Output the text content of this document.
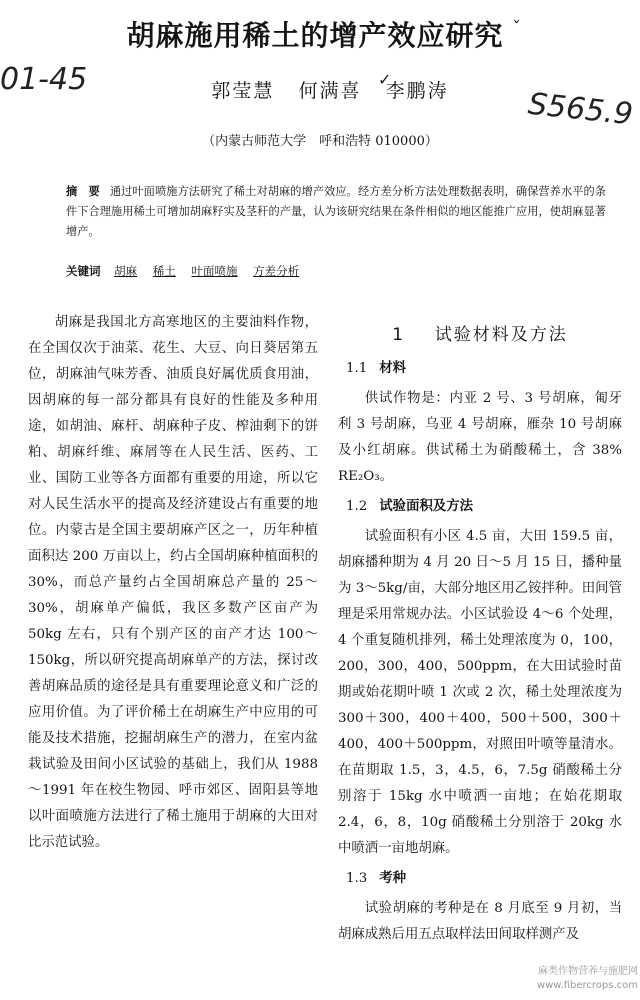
胡麻施用稀土的增产效应研究 ˇ
01-45
S565.9
郭莹慧 何满喜 李鹏涛
✓
（内蒙古师范大学　呼和浩特 010000）
摘　要 通过叶面喷施方法研究了稀土对胡麻的增产效应。经方差分析方法处理数据表明，确保营养水平的条件下合理施用稀土可增加胡麻籽实及茎秆的产量，认为该研究结果在条件相似的地区能推广应用，使胡麻显著增产。
关键词 胡麻 稀土 叶面喷施 方差分析

胡麻是我国北方高寒地区的主要油料作物，在全国仅次于油菜、花生、大豆、向日葵居第五位，胡麻油气味芳香、油质良好属优质食用油，因胡麻的每一部分都具有良好的性能及多种用途，如胡油、麻杆、胡麻种子皮、榨油剩下的饼粕、胡麻纤维、麻屑等在人民生活、医药、工业、国防工业等各方面都有重要的用途，所以它对人民生活水平的提高及经济建设占有重要的地位。内蒙古是全国主要胡麻产区之一，历年种植面积达 200 万亩以上，约占全国胡麻种植面积的 30%，而总产量约占全国胡麻总产量的 25～30%，胡麻单产偏低，我区多数产区亩产为 50kg 左右，只有个别产区的亩产才达 100～150kg，所以研究提高胡麻单产的方法，探讨改善胡麻品质的途径是具有重要理论意义和广泛的应用价值。为了评价稀土在胡麻生产中应用的可能及技术措施，挖掘胡麻生产的潜力，在室内盆栽试验及田间小区试验的基础上，我们从 1988～1991 年在校生物园、呼市郊区、固阳县等地以叶面喷施方法进行了稀土施用于胡麻的大田对比示范试验。

1 试验材料及方法
1.1 材料

供试作物是：内亚 2 号、3 号胡麻，匍牙利 3 号胡麻，乌亚 4 号胡麻，雁杂 10 号胡麻及小红胡麻。供试稀土为硝酸稀土，含 38% RE₂O₃。

1.2 试验面积及方法

试验面积有小区 4.5 亩，大田 159.5 亩，胡麻播种期为 4 月 20 日～5 月 15 日，播种量为 3～5kg/亩，大部分地区用乙铵拌种。田间管理是采用常规办法。小区试验设 4～6 个处理，4 个重复随机排列，稀土处理浓度为 0，100，200，300，400，500ppm，在大田试验时苗期或始花期叶喷 1 次或 2 次，稀土处理浓度为 300＋300，400＋400，500＋500，300＋400，400＋500ppm，对照田叶喷等量清水。在苗期取 1.5，3，4.5，6，7.5g 硝酸稀土分别溶于 15kg 水中喷洒一亩地；在始花期取 2.4，6，8，10g 硝酸稀土分别溶于 20kg 水中喷洒一亩地胡麻。

1.3 考种

试验胡麻的考种是在 8 月底至 9 月初，当胡麻成熟后用五点取样法田间取样测产及

麻类作物营养与施肥网
www.fibercrops.com
